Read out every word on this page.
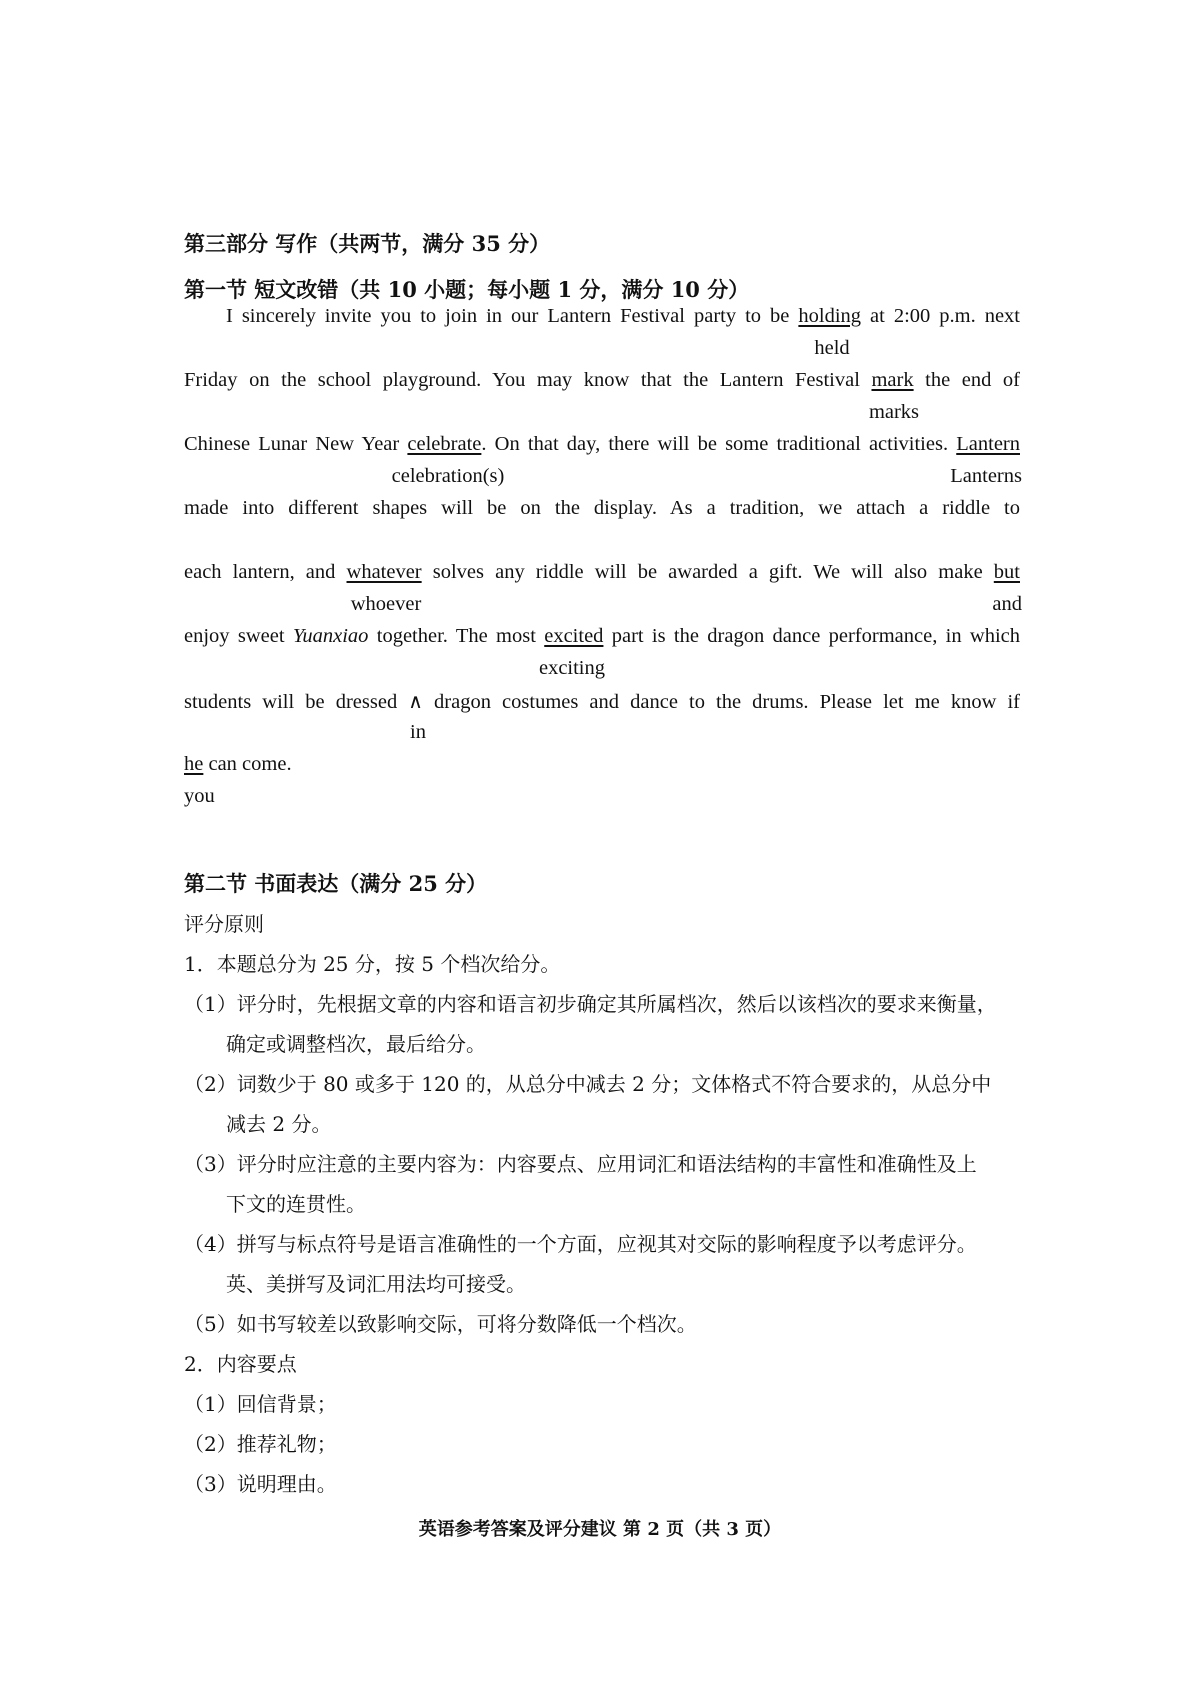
第三部分 写作（共两节，满分 35 分）
第一节 短文改错（共 10 小题；每小题 1 分，满分 10 分）
I sincerely invite you to join in our Lantern Festival party to be holding at 2:00 p.m. next
held
Friday on the school playground. You may know that the Lantern Festival mark the end of
marks
Chinese Lunar New Year celebrate. On that day, there will be some traditional activities. Lantern
celebration(s)	Lanterns
made into different shapes will be on the display. As a tradition, we attach a riddle to
each lantern, and whatever solves any riddle will be awarded a gift. We will also make but
whoever	and
enjoy sweet Yuanxiao together. The most excited part is the dragon dance performance, in which
exciting
students will be dressed ∧ dragon costumes and dance to the drums. Please let me know if
in
he can come.
you
第二节 书面表达（满分 25 分）
评分原则
1．本题总分为 25 分，按 5 个档次给分。
（1）评分时，先根据文章的内容和语言初步确定其所属档次，然后以该档次的要求来衡量，
确定或调整档次，最后给分。
（2）词数少于 80 或多于 120 的，从总分中减去 2 分；文体格式不符合要求的，从总分中
减去 2 分。
（3）评分时应注意的主要内容为：内容要点、应用词汇和语法结构的丰富性和准确性及上
下文的连贯性。
（4）拼写与标点符号是语言准确性的一个方面，应视其对交际的影响程度予以考虑评分。
英、美拼写及词汇用法均可接受。
（5）如书写较差以致影响交际，可将分数降低一个档次。
2．内容要点
（1）回信背景；
（2）推荐礼物；
（3）说明理由。
英语参考答案及评分建议 第 2 页（共 3 页）
